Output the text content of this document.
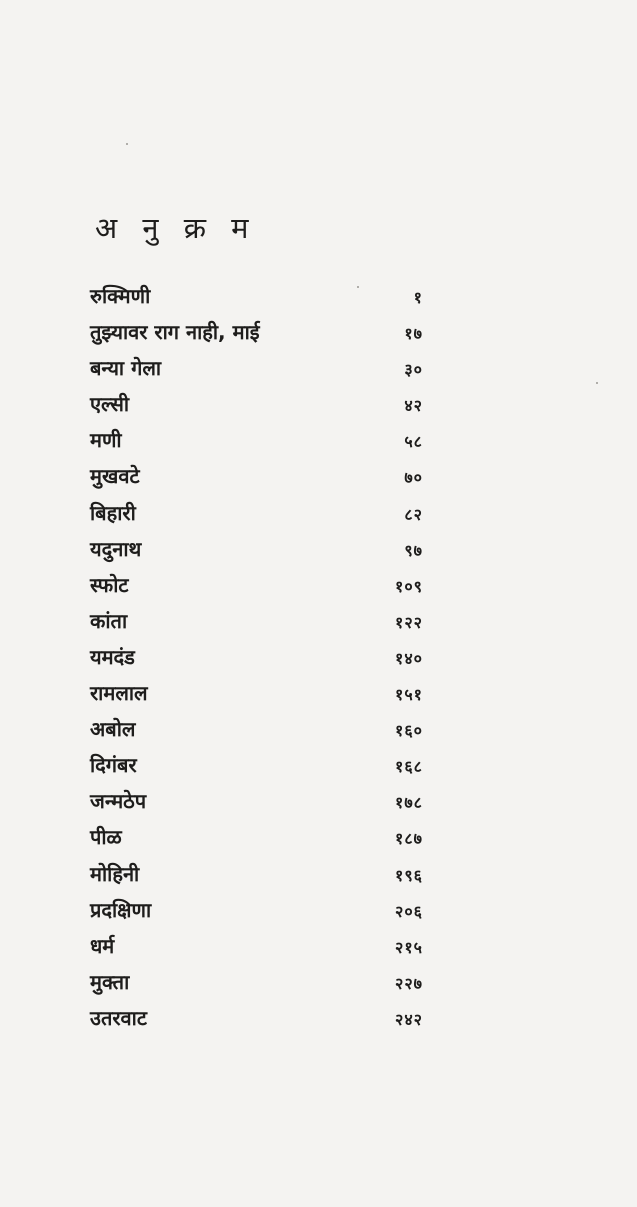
अ नु क्र म
रुक्मिणी	१
तुझ्यावर राग नाही, माई	१७
बन्या गेला	३०
एल्सी	४२
मणी	५८
मुखवटे	७०
बिहारी	८२
यदुनाथ	९७
स्फोट	१०९
कांता	१२२
यमदंड	१४०
रामलाल	१५१
अबोल	१६०
दिगंबर	१६८
जन्मठेप	१७८
पीळ	१८७
मोहिनी	१९६
प्रदक्षिणा	२०६
धर्म	२१५
मुक्ता	२२७
उतरवाट	२४२
